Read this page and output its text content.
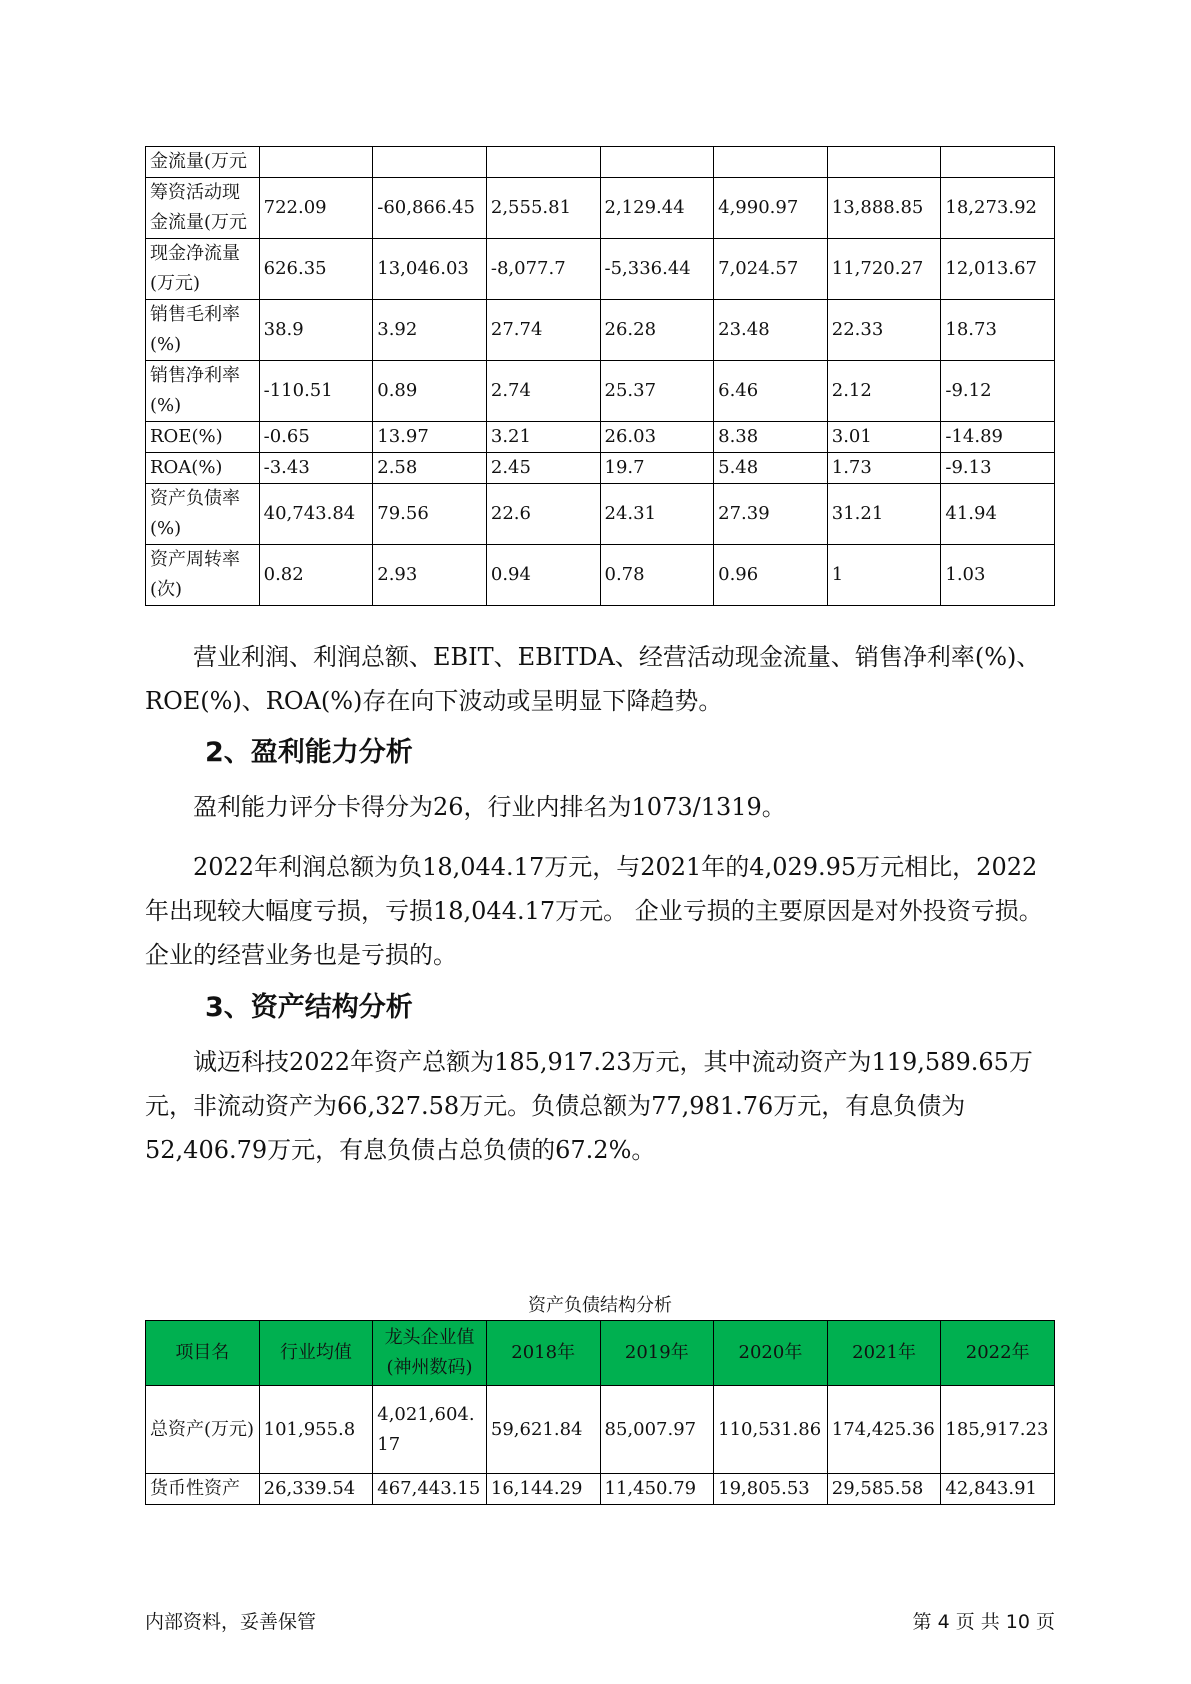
金流量(万元							
筹资活动现金流量(万元	722.09	-60,866.45	2,555.81	2,129.44	4,990.97	13,888.85	18,273.92
现金净流量(万元)	626.35	13,046.03	-8,077.7	-5,336.44	7,024.57	11,720.27	12,013.67
销售毛利率(%)	38.9	3.92	27.74	26.28	23.48	22.33	18.73
销售净利率(%)	-110.51	0.89	2.74	25.37	6.46	2.12	-9.12
ROE(%)	-0.65	13.97	3.21	26.03	8.38	3.01	-14.89
ROA(%)	-3.43	2.58	2.45	19.7	5.48	1.73	-9.13
资产负债率(%)	40,743.84	79.56	22.6	24.31	27.39	31.21	41.94
资产周转率(次)	0.82	2.93	0.94	0.78	0.96	1	1.03
营业利润、利润总额、EBIT、EBITDA、经营活动现金流量、销售净利率(%)、ROE(%)、ROA(%)存在向下波动或呈明显下降趋势。
2、盈利能力分析
盈利能力评分卡得分为26，行业内排名为1073/1319。
2022年利润总额为负18,044.17万元，与2021年的4,029.95万元相比，2022年出现较大幅度亏损，亏损18,044.17万元。 企业亏损的主要原因是对外投资亏损。企业的经营业务也是亏损的。
3、资产结构分析
诚迈科技2022年资产总额为185,917.23万元，其中流动资产为119,589.65万元，非流动资产为66,327.58万元。负债总额为77,981.76万元，有息负债为52,406.79万元，有息负债占总负债的67.2%。
资产负债结构分析
项目名	行业均值	龙头企业值(神州数码)	2018年	2019年	2020年	2021年	2022年
总资产(万元)	101,955.8	4,021,604.17	59,621.84	85,007.97	110,531.86	174,425.36	185,917.23
货币性资产	26,339.54	467,443.15	16,144.29	11,450.79	19,805.53	29,585.58	42,843.91
内部资料，妥善保管	第 4 页 共 10 页
